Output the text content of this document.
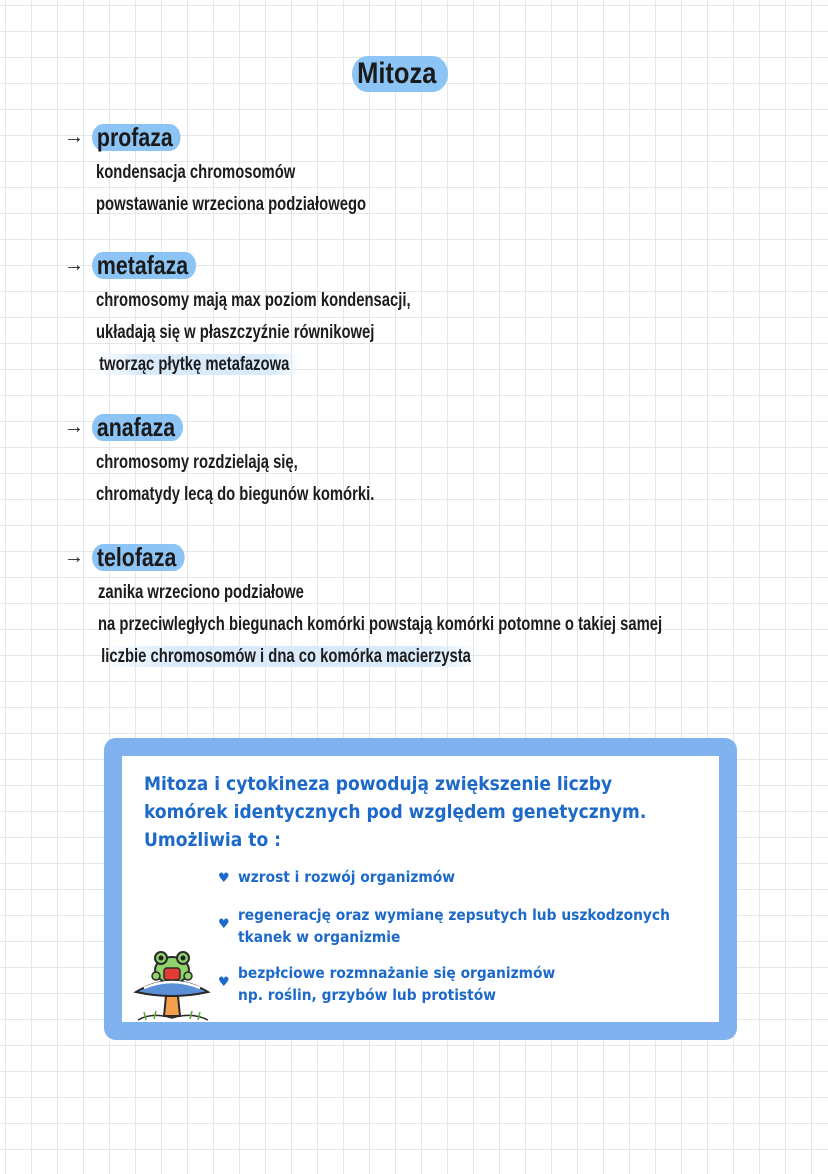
Mitoza
→ profaza
kondensacja chromosomów
powstawanie wrzeciona podziałowego
→ metafaza
chromosomy mają max poziom kondensacji,
układają się w płaszczyźnie równikowej
tworząc płytkę metafazowa
→ anafaza
chromosomy rozdzielają się,
chromatydy lecą do biegunów komórki.
→ telofaza
zanika wrzeciono podziałowe
na przeciwległych biegunach komórki powstają komórki potomne o takiej samej
liczbie chromosomów i dna co komórka macierzysta
Mitoza i cytokineza powodują zwiększenie liczby
komórek identycznych pod względem genetycznym.
Umożliwia to :
♥ wzrost i rozwój organizmów
♥
regenerację oraz wymianę zepsutych lub uszkodzonych
tkanek w organizmie
♥
bezpłciowe rozmnażanie się organizmów
np. roślin, grzybów lub protistów
